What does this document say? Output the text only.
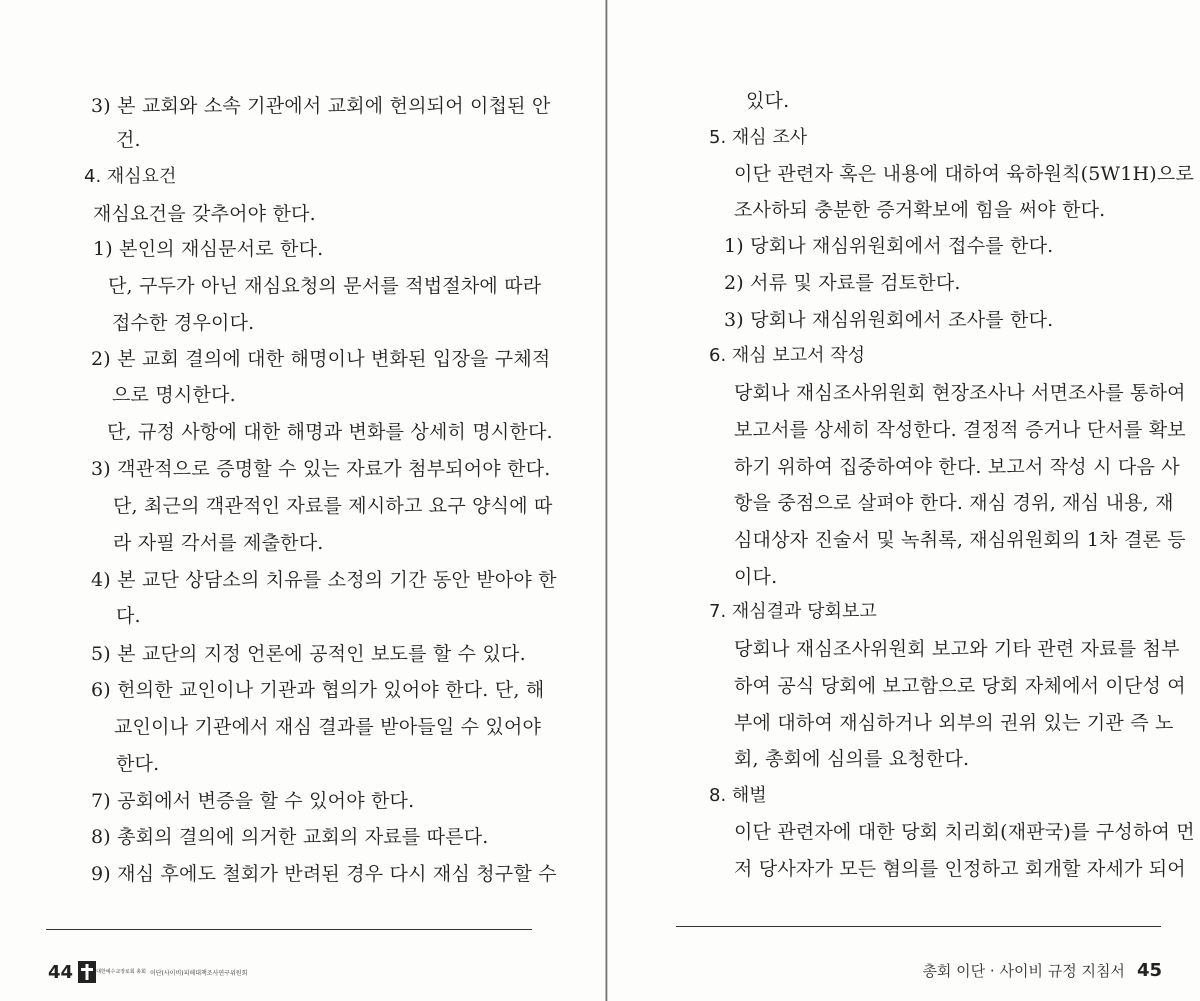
3) 본 교회와 소속 기관에서 교회에 헌의되어 이첩된 안
건.
4. 재심요건
재심요건을 갖추어야 한다.
1) 본인의 재심문서로 한다.
단, 구두가 아닌 재심요청의 문서를 적법절차에 따라
접수한 경우이다.
2) 본 교회 결의에 대한 해명이나 변화된 입장을 구체적
으로 명시한다.
단, 규정 사항에 대한 해명과 변화를 상세히 명시한다.
3) 객관적으로 증명할 수 있는 자료가 첨부되어야 한다.
단, 최근의 객관적인 자료를 제시하고 요구 양식에 따
라 자필 각서를 제출한다.
4) 본 교단 상담소의 치유를 소정의 기간 동안 받아야 한
다.
5) 본 교단의 지정 언론에 공적인 보도를 할 수 있다.
6) 헌의한 교인이나 기관과 협의가 있어야 한다. 단, 해
교인이나 기관에서 재심 결과를 받아들일 수 있어야
한다.
7) 공회에서 변증을 할 수 있어야 한다.
8) 총회의 결의에 의거한 교회의 자료를 따른다.
9) 재심 후에도 철회가 반려된 경우 다시 재심 청구할 수
44	대한예수교장로회 총회 이단(사이비)피해대책조사연구위원회
있다.
5. 재심 조사
이단 관련자 혹은 내용에 대하여 육하원칙(5W1H)으로
조사하되 충분한 증거확보에 힘을 써야 한다.
1) 당회나 재심위원회에서 접수를 한다.
2) 서류 및 자료를 검토한다.
3) 당회나 재심위원회에서 조사를 한다.
6. 재심 보고서 작성
당회나 재심조사위원회 현장조사나 서면조사를 통하여
보고서를 상세히 작성한다. 결정적 증거나 단서를 확보
하기 위하여 집중하여야 한다. 보고서 작성 시 다음 사
항을 중점으로 살펴야 한다. 재심 경위, 재심 내용, 재
심대상자 진술서 및 녹취록, 재심위원회의 1차 결론 등
이다.
7. 재심결과 당회보고
당회나 재심조사위원회 보고와 기타 관련 자료를 첨부
하여 공식 당회에 보고함으로 당회 자체에서 이단성 여
부에 대하여 재심하거나 외부의 권위 있는 기관 즉 노
회, 총회에 심의를 요청한다.
8. 해벌
이단 관련자에 대한 당회 치리회(재판국)를 구성하여 먼
저 당사자가 모든 혐의를 인정하고 회개할 자세가 되어
총회 이단 · 사이비 규정 지침서 45
